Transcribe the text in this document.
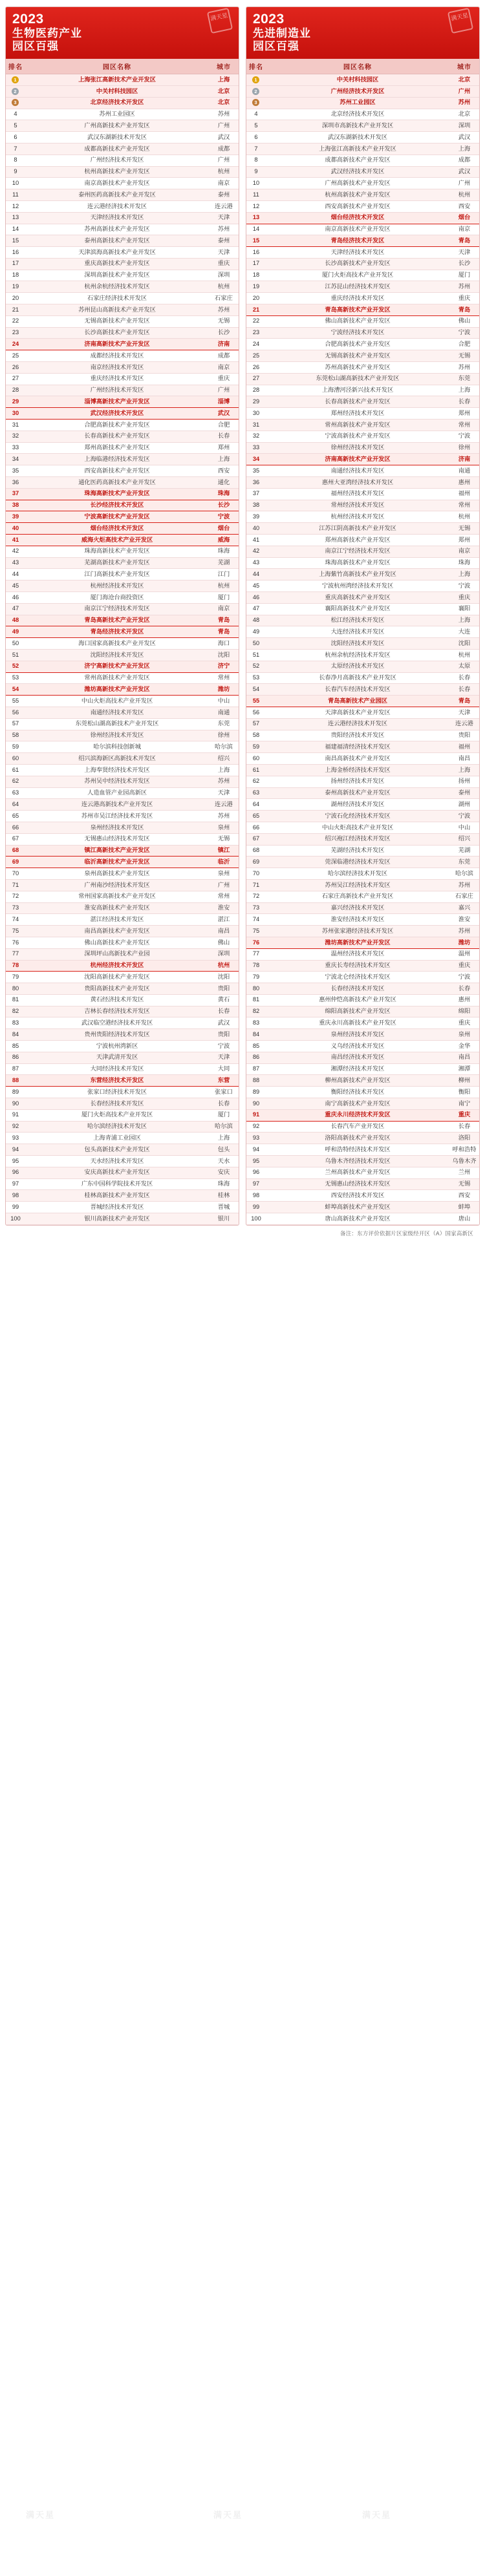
2023
生物医药产业
园区百强
满天星
排名	园区名称	城市
1	上海张江高新技术产业开发区	上海
2	中关村科技园区	北京
3	北京经济技术开发区	北京
4	苏州工业园区	苏州
5	广州高新技术产业开发区	广州
6	武汉东湖新技术开发区	武汉
7	成都高新技术产业开发区	成都
8	广州经济技术开发区	广州
9	杭州高新技术产业开发区	杭州
10	南京高新技术产业开发区	南京
11	泰州医药高新技术产业开发区	泰州
12	连云港经济技术开发区	连云港
13	天津经济技术开发区	天津
14	苏州高新技术产业开发区	苏州
15	泰州高新技术产业开发区	泰州
16	天津滨海高新技术产业开发区	天津
17	重庆高新技术产业开发区	重庆
18	深圳高新技术产业开发区	深圳
19	杭州余杭经济技术开发区	杭州
20	石家庄经济技术开发区	石家庄
21	苏州昆山高新技术产业开发区	苏州
22	无锡高新技术产业开发区	无锡
23	长沙高新技术产业开发区	长沙
24	济南高新技术产业开发区	济南
25	成都经济技术开发区	成都
26	南京经济技术开发区	南京
27	重庆经济技术开发区	重庆
28	广州经济技术开发区	广州
29	淄博高新技术产业开发区	淄博
30	武汉经济技术开发区	武汉
31	合肥高新技术产业开发区	合肥
32	长春高新技术产业开发区	长春
33	郑州高新技术产业开发区	郑州
34	上海临港经济技术开发区	上海
35	西安高新技术产业开发区	西安
36	通化医药高新技术产业开发区	通化
37	珠海高新技术产业开发区	珠海
38	长沙经济技术开发区	长沙
39	宁波高新技术产业开发区	宁波
40	烟台经济技术开发区	烟台
41	威海火炬高技术产业开发区	威海
42	珠海高新技术产业开发区	珠海
43	芜湖高新技术产业开发区	芜湖
44	江门高新技术产业开发区	江门
45	杭州经济技术开发区	杭州
46	厦门海沧台商投资区	厦门
47	南京江宁经济技术开发区	南京
48	青岛高新技术产业开发区	青岛
49	青岛经济技术开发区	青岛
50	海口国家高新技术产业开发区	海口
51	沈阳经济技术开发区	沈阳
52	济宁高新技术产业开发区	济宁
53	常州高新技术产业开发区	常州
54	潍坊高新技术产业开发区	潍坊
55	中山火炬高技术产业开发区	中山
56	南通经济技术开发区	南通
57	东莞松山湖高新技术产业开发区	东莞
58	徐州经济技术开发区	徐州
59	哈尔滨科技创新城	哈尔滨
60	绍兴滨海新区高新技术开发区	绍兴
61	上海奉贤经济技术开发区	上海
62	苏州吴中经济技术开发区	苏州
63	人造血管产业园高新区	天津
64	连云港高新技术产业开发区	连云港
65	苏州市吴江经济技术开发区	苏州
66	泉州经济技术开发区	泉州
67	无锡惠山经济技术开发区	无锡
68	镇江高新技术产业开发区	镇江
69	临沂高新技术产业开发区	临沂
70	泉州高新技术产业开发区	泉州
71	广州南沙经济技术开发区	广州
72	常州国家高新技术产业开发区	常州
73	淮安高新技术产业开发区	淮安
74	湛江经济技术开发区	湛江
75	南昌高新技术产业开发区	南昌
76	佛山高新技术产业开发区	佛山
77	深圳坪山高新技术产业园	深圳
78	杭州经济技术开发区	杭州
79	沈阳高新技术产业开发区	沈阳
80	贵阳高新技术产业开发区	贵阳
81	黄石经济技术开发区	黄石
82	吉林长春经济技术开发区	长春
83	武汉临空港经济技术开发区	武汉
84	贵州贵阳经济技术开发区	贵阳
85	宁波杭州湾新区	宁波
86	天津武清开发区	天津
87	大同经济技术开发区	大同
88	东营经济技术开发区	东营
89	张家口经济技术开发区	张家口
90	长春经济技术开发区	长春
91	厦门火炬高技术产业开发区	厦门
92	哈尔滨经济技术开发区	哈尔滨
93	上海青浦工业园区	上海
94	包头高新技术产业开发区	包头
95	天水经济技术开发区	天水
96	安庆高新技术产业开发区	安庆
97	广东中国科学院技术开发区	珠海
98	桂林高新技术产业开发区	桂林
99	晋城经济技术开发区	晋城
100	银川高新技术产业开发区	银川
2023
先进制造业
园区百强
满天星
排名	园区名称	城市
1	中关村科技园区	北京
2	广州经济技术开发区	广州
3	苏州工业园区	苏州
4	北京经济技术开发区	北京
5	深圳市高新技术产业开发区	深圳
6	武汉东湖新技术开发区	武汉
7	上海张江高新技术产业开发区	上海
8	成都高新技术产业开发区	成都
9	武汉经济技术开发区	武汉
10	广州高新技术产业开发区	广州
11	杭州高新技术产业开发区	杭州
12	西安高新技术产业开发区	西安
13	烟台经济技术开发区	烟台
14	南京高新技术产业开发区	南京
15	青岛经济技术开发区	青岛
16	天津经济技术开发区	天津
17	长沙高新技术产业开发区	长沙
18	厦门火炬高技术产业开发区	厦门
19	江苏昆山经济技术开发区	苏州
20	重庆经济技术开发区	重庆
21	青岛高新技术产业开发区	青岛
22	佛山高新技术产业开发区	佛山
23	宁波经济技术开发区	宁波
24	合肥高新技术产业开发区	合肥
25	无锡高新技术产业开发区	无锡
26	苏州高新技术产业开发区	苏州
27	东莞松山湖高新技术产业开发区	东莞
28	上海漕河泾新兴技术开发区	上海
29	长春高新技术产业开发区	长春
30	郑州经济技术开发区	郑州
31	常州高新技术产业开发区	常州
32	宁波高新技术产业开发区	宁波
33	徐州经济技术开发区	徐州
34	济南高新技术产业开发区	济南
35	南通经济技术开发区	南通
36	惠州大亚湾经济技术开发区	惠州
37	福州经济技术开发区	福州
38	常州经济技术开发区	常州
39	杭州经济技术开发区	杭州
40	江苏江阴高新技术产业开发区	无锡
41	郑州高新技术产业开发区	郑州
42	南京江宁经济技术开发区	南京
43	珠海高新技术产业开发区	珠海
44	上海紫竹高新技术产业开发区	上海
45	宁波杭州湾经济技术开发区	宁波
46	重庆高新技术产业开发区	重庆
47	襄阳高新技术产业开发区	襄阳
48	松江经济技术开发区	上海
49	大连经济技术开发区	大连
50	沈阳经济技术开发区	沈阳
51	杭州余杭经济技术开发区	杭州
52	太原经济技术开发区	太原
53	长春净月高新技术产业开发区	长春
54	长春汽车经济技术开发区	长春
55	青岛高新技术产业园区	青岛
56	天津高新技术产业开发区	天津
57	连云港经济技术开发区	连云港
58	贵阳经济技术开发区	贵阳
59	福建福清经济技术开发区	福州
60	南昌高新技术产业开发区	南昌
61	上海金桥经济技术开发区	上海
62	扬州经济技术开发区	扬州
63	泰州高新技术产业开发区	泰州
64	湖州经济技术开发区	湖州
65	宁波石化经济技术开发区	宁波
66	中山火炬高技术产业开发区	中山
67	绍兴袍江经济技术开发区	绍兴
68	芜湖经济技术开发区	芜湖
69	莞深临港经济技术开发区	东莞
70	哈尔滨经济技术开发区	哈尔滨
71	苏州吴江经济技术开发区	苏州
72	石家庄高新技术产业开发区	石家庄
73	嘉兴经济技术开发区	嘉兴
74	淮安经济技术开发区	淮安
75	苏州张家港经济技术开发区	苏州
76	潍坊高新技术产业开发区	潍坊
77	温州经济技术开发区	温州
78	重庆长寿经济技术开发区	重庆
79	宁波北仑经济技术开发区	宁波
80	长春经济技术开发区	长春
81	惠州仲恺高新技术产业开发区	惠州
82	绵阳高新技术产业开发区	绵阳
83	重庆永川高新技术产业开发区	重庆
84	泉州经济技术开发区	泉州
85	义乌经济技术开发区	金华
86	南昌经济技术开发区	南昌
87	湘潭经济技术开发区	湘潭
88	柳州高新技术产业开发区	柳州
89	衡阳经济技术开发区	衡阳
90	南宁高新技术产业开发区	南宁
91	重庆永川经济技术开发区	重庆
92	长春汽车产业开发区	长春
93	洛阳高新技术产业开发区	洛阳
94	呼和浩特经济技术开发区	呼和浩特
95	乌鲁木齐经济技术开发区	乌鲁木齐
96	兰州高新技术产业开发区	兰州
97	无锡惠山经济技术开发区	无锡
98	西安经济技术开发区	西安
99	蚌埠高新技术产业开发区	蚌埠
100	唐山高新技术产业开发区	唐山
满天星	满天星	满天星
备注：东方评价依据片区家级经开区（A）国家高新区
